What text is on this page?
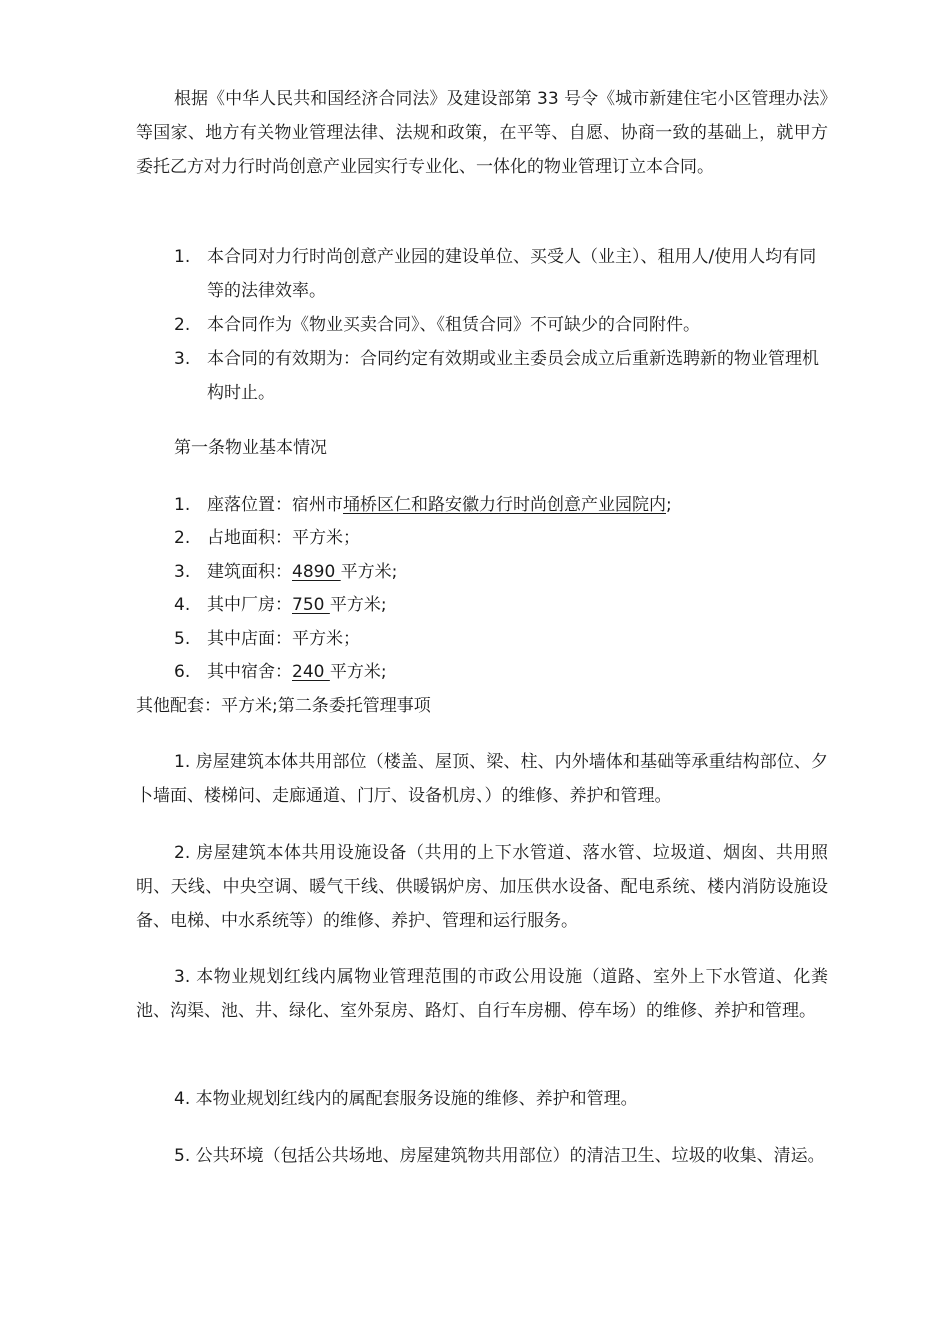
根据《中华人民共和国经济合同法》及建设部第 33 号令《城市新建住宅小区管理办法》等国家、地方有关物业管理法律、法规和政策，在平等、自愿、协商一致的基础上，就甲方委托乙方对力行时尚创意产业园实行专业化、一体化的物业管理订立本合同。

1. 本合同对力行时尚创意产业园的建设单位、买受人（业主）、租用人/使用人均有同等的法律效率。

2. 本合同作为《物业买卖合同》、《租赁合同》不可缺少的合同附件。

3. 本合同的有效期为：合同约定有效期或业主委员会成立后重新选聘新的物业管理机构时止。

第一条物业基本情况

1. 座落位置：宿州市埇桥区仁和路安徽力行时尚创意产业园院内;

2. 占地面积：平方米；

3. 建筑面积：4890 平方米;

4. 其中厂房：750 平方米;

5. 其中店面：平方米；

6. 其中宿舍：240 平方米;

其他配套：平方米;第二条委托管理事项

1. 房屋建筑本体共用部位（楼盖、屋顶、梁、柱、内外墙体和基础等承重结构部位、夕卜墙面、楼梯问、走廊通道、门厅、设备机房、）的维修、养护和管理。

2. 房屋建筑本体共用设施设备（共用的上下水管道、落水管、垃圾道、烟囱、共用照明、天线、中央空调、暖气干线、供暖锅炉房、加压供水设备、配电系统、楼内消防设施设备、电梯、中水系统等）的维修、养护、管理和运行服务。

3. 本物业规划红线内属物业管理范围的市政公用设施（道路、室外上下水管道、化粪池、沟渠、池、井、绿化、室外泵房、路灯、自行车房棚、停车场）的维修、养护和管理。

4. 本物业规划红线内的属配套服务设施的维修、养护和管理。

5. 公共环境（包括公共场地、房屋建筑物共用部位）的清洁卫生、垃圾的收集、清运。
